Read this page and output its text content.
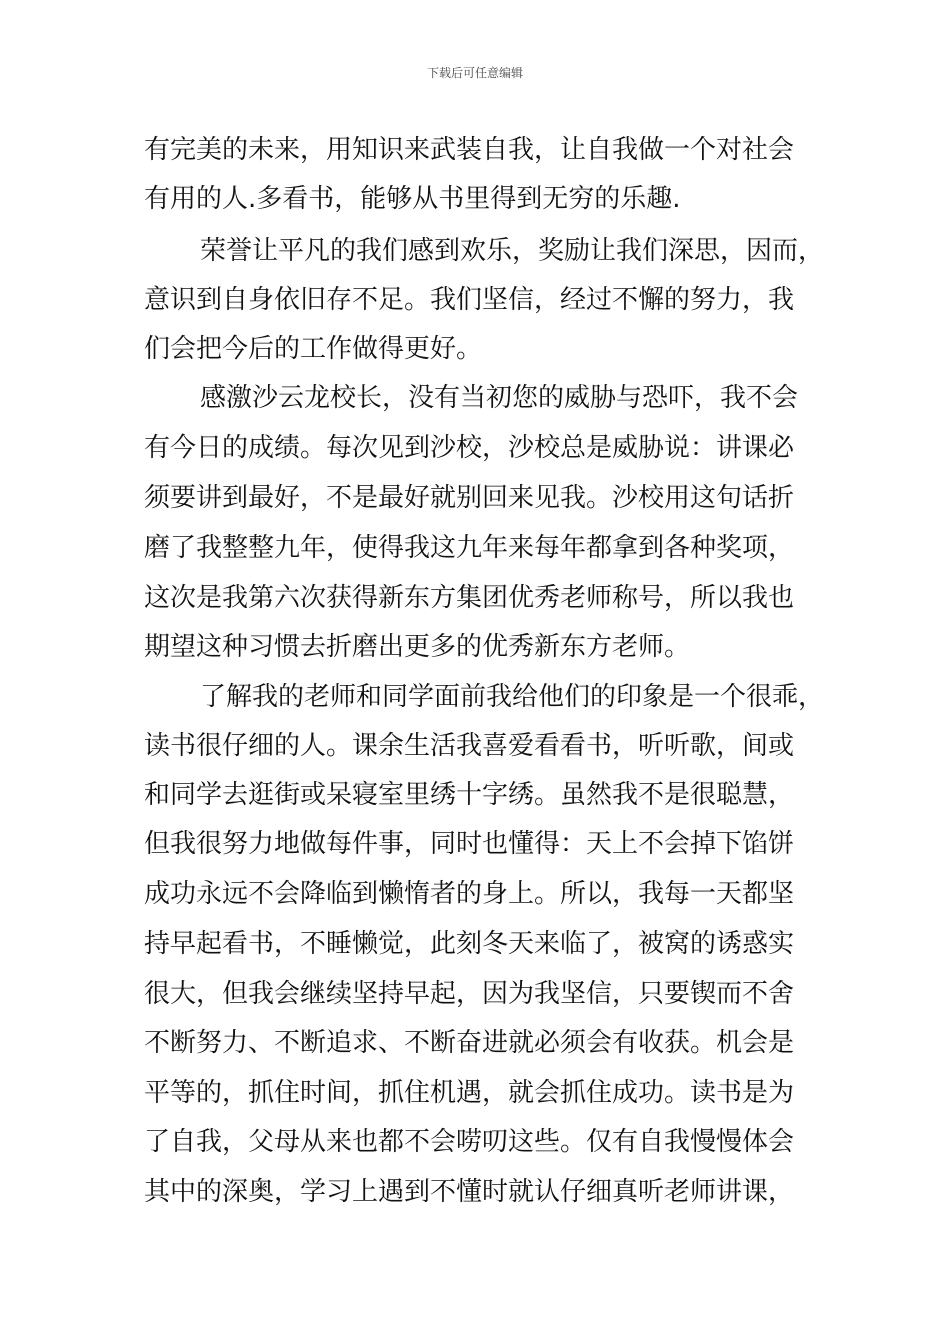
下载后可任意编辑
有完美的未来，用知识来武装自我，让自我做一个对社会
有用的人.多看书，能够从书里得到无穷的乐趣.
荣誉让平凡的我们感到欢乐，奖励让我们深思，因而，
意识到自身依旧存不足。我们坚信，经过不懈的努力，我
们会把今后的工作做得更好。
感激沙云龙校长，没有当初您的威胁与恐吓，我不会
有今日的成绩。每次见到沙校，沙校总是威胁说：讲课必
须要讲到最好，不是最好就别回来见我。沙校用这句话折
磨了我整整九年，使得我这九年来每年都拿到各种奖项，
这次是我第六次获得新东方集团优秀老师称号，所以我也
期望这种习惯去折磨出更多的优秀新东方老师。
了解我的老师和同学面前我给他们的印象是一个很乖，
读书很仔细的人。课余生活我喜爱看看书，听听歌，间或
和同学去逛街或呆寝室里绣十字绣。虽然我不是很聪慧，
但我很努力地做每件事，同时也懂得：天上不会掉下馅饼
成功永远不会降临到懒惰者的身上。所以，我每一天都坚
持早起看书，不睡懒觉，此刻冬天来临了，被窝的诱惑实
很大，但我会继续坚持早起，因为我坚信，只要锲而不舍
不断努力、不断追求、不断奋进就必须会有收获。机会是
平等的，抓住时间，抓住机遇，就会抓住成功。读书是为
了自我，父母从来也都不会唠叨这些。仅有自我慢慢体会
其中的深奥，学习上遇到不懂时就认仔细真听老师讲课，
